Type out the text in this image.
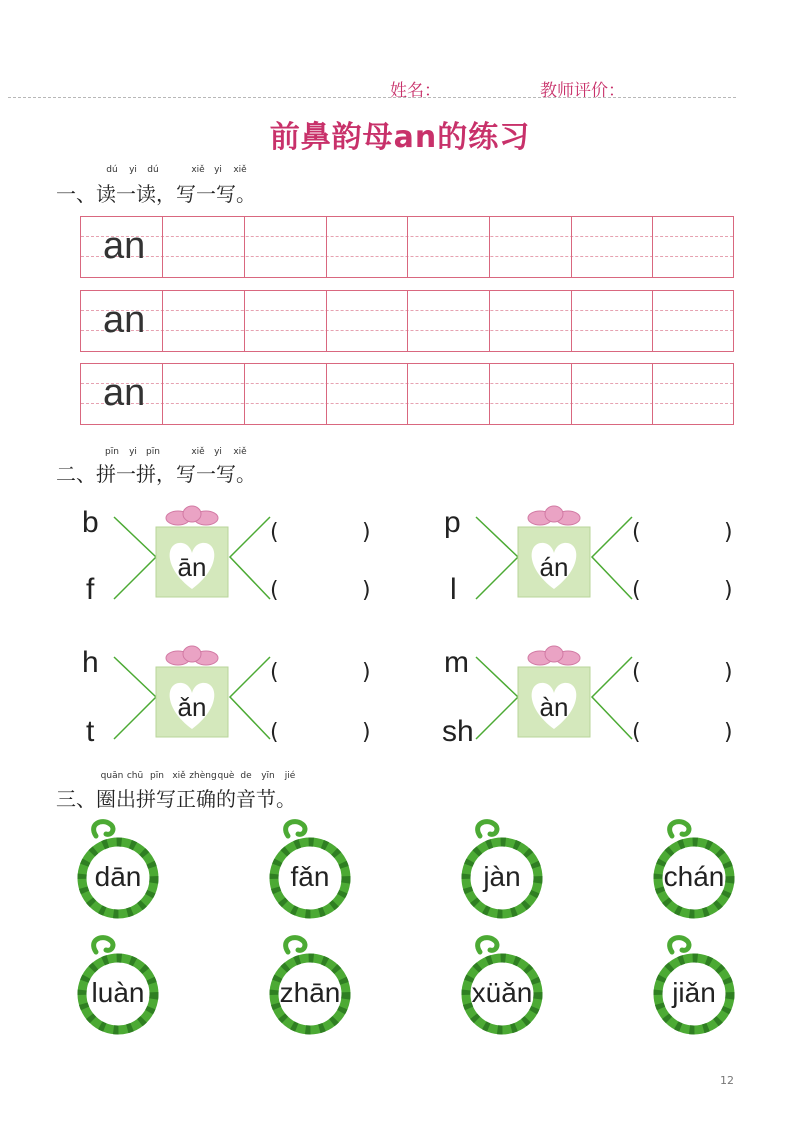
姓名：	教师评价：
前鼻韵母an的练习
dú yi dú	xiě yi xiě
一、读一读，写一写。
an
an
an
pīn yi pīn	xiě yi xiě
二、拼一拼，写一写。
b
f
ān
(	)
(	)
p
l
án
(	)
(	)
h
t
ǎn
(	)
(	)
m
sh
àn
(	)
(	)
quān chū pīn xiě zhèng què de yīn jié
三、圈出拼写正确的音节。
dān	fǎn	jàn	chán
luàn	zhān	xüǎn	jiǎn
12
